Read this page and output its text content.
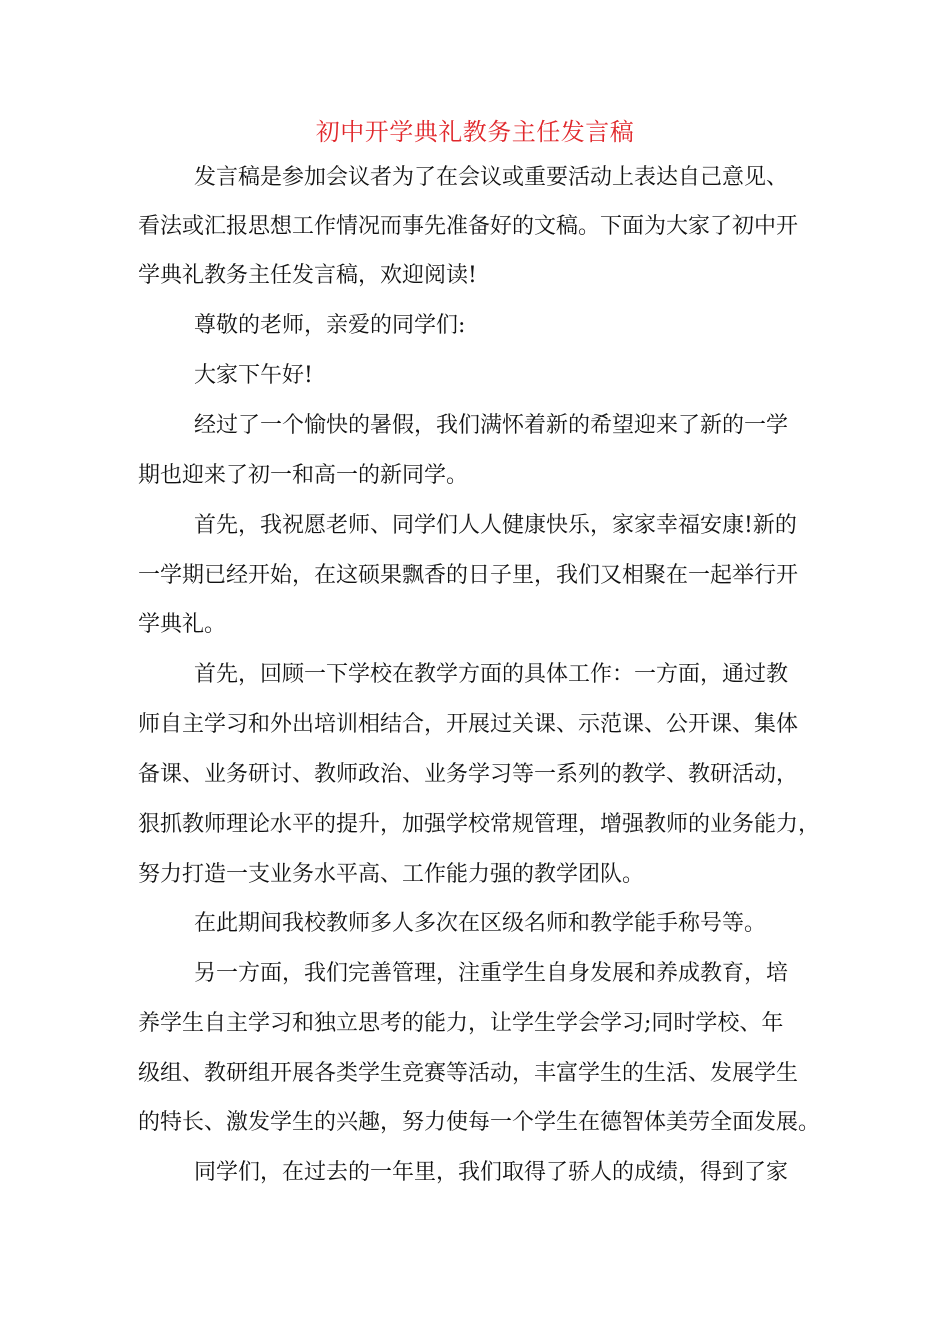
初中开学典礼教务主任发言稿
发言稿是参加会议者为了在会议或重要活动上表达自己意见、
看法或汇报思想工作情况而事先准备好的文稿。下面为大家了初中开
学典礼教务主任发言稿，欢迎阅读!
尊敬的老师，亲爱的同学们:
大家下午好!
经过了一个愉快的暑假，我们满怀着新的希望迎来了新的一学
期也迎来了初一和高一的新同学。
首先，我祝愿老师、同学们人人健康快乐，家家幸福安康!新的
一学期已经开始，在这硕果飘香的日子里，我们又相聚在一起举行开
学典礼。
首先，回顾一下学校在教学方面的具体工作：一方面，通过教
师自主学习和外出培训相结合，开展过关课、示范课、公开课、集体
备课、业务研讨、教师政治、业务学习等一系列的教学、教研活动，
狠抓教师理论水平的提升，加强学校常规管理，增强教师的业务能力，
努力打造一支业务水平高、工作能力强的教学团队。
在此期间我校教师多人多次在区级名师和教学能手称号等。
另一方面，我们完善管理，注重学生自身发展和养成教育，培
养学生自主学习和独立思考的能力，让学生学会学习;同时学校、年
级组、教研组开展各类学生竞赛等活动，丰富学生的生活、发展学生
的特长、激发学生的兴趣，努力使每一个学生在德智体美劳全面发展。
同学们，在过去的一年里，我们取得了骄人的成绩，得到了家
